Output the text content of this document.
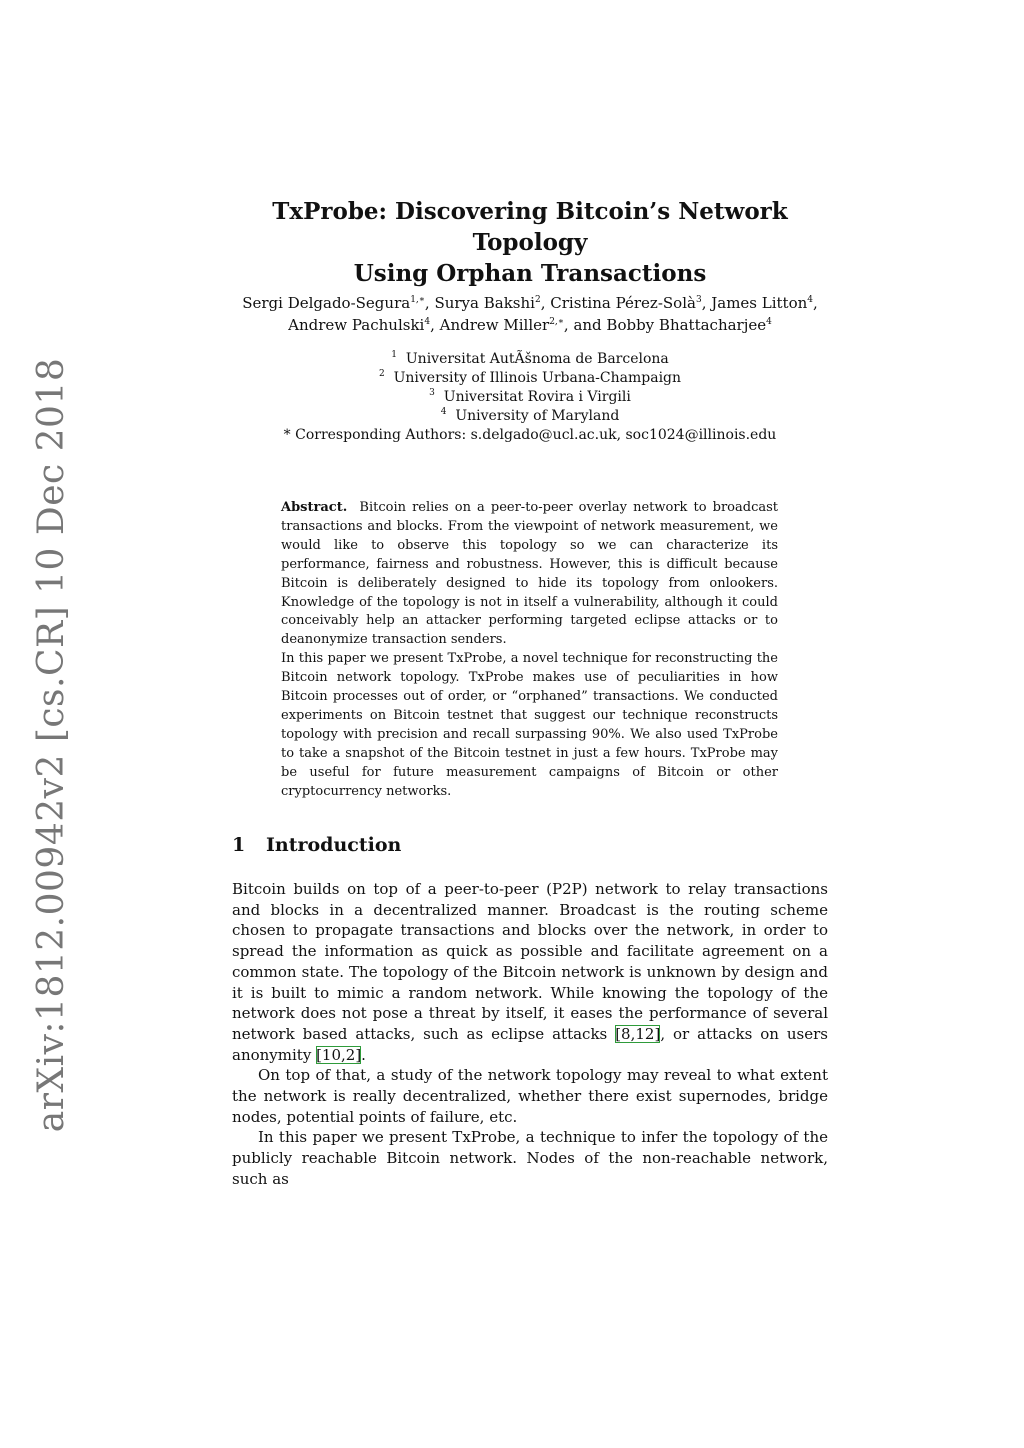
arXiv:1812.00942v2 [cs.CR] 10 Dec 2018
TxProbe: Discovering Bitcoin’s Network Topology
Using Orphan Transactions
Sergi Delgado-Segura$^{1,∗}$, Surya Bakshi$^2$, Cristina Pérez-Solà$^3$, James Litton$^4$,
Andrew Pachulski$^4$, Andrew Miller$^{2,∗}$, and Bobby Bhattacharjee$^4$
$^1$ Universitat AutÃšnoma de Barcelona
$^2$ University of Illinois Urbana-Champaign
$^3$ Universitat Rovira i Virgili
$^4$ University of Maryland
* Corresponding Authors: s.delgado@ucl.ac.uk, soc1024@illinois.edu

Abstract. Bitcoin relies on a peer-to-peer overlay network to broadcast transactions and blocks. From the viewpoint of network measurement, we would like to observe this topology so we can characterize its performance, fairness and robustness. However, this is difficult because Bitcoin is deliberately designed to hide its topology from onlookers. Knowledge of the topology is not in itself a vulnerability, although it could conceivably help an attacker performing targeted eclipse attacks or to deanonymize transaction senders.

In this paper we present TxProbe, a novel technique for reconstructing the Bitcoin network topology. TxProbe makes use of peculiarities in how Bitcoin processes out of order, or “orphaned” transactions. We conducted experiments on Bitcoin testnet that suggest our technique reconstructs topology with precision and recall surpassing 90%. We also used TxProbe to take a snapshot of the Bitcoin testnet in just a few hours. TxProbe may be useful for future measurement campaigns of Bitcoin or other cryptocurrency networks.

1 Introduction

Bitcoin builds on top of a peer-to-peer (P2P) network to relay transactions and blocks in a decentralized manner. Broadcast is the routing scheme chosen to propagate transactions and blocks over the network, in order to spread the information as quick as possible and facilitate agreement on a common state. The topology of the Bitcoin network is unknown by design and it is built to mimic a random network. While knowing the topology of the network does not pose a threat by itself, it eases the performance of several network based attacks, such as eclipse attacks [8,12], or attacks on users anonymity [10,2].

On top of that, a study of the network topology may reveal to what extent the network is really decentralized, whether there exist supernodes, bridge nodes, potential points of failure, etc.

In this paper we present TxProbe, a technique to infer the topology of the publicly reachable Bitcoin network. Nodes of the non-reachable network, such as
